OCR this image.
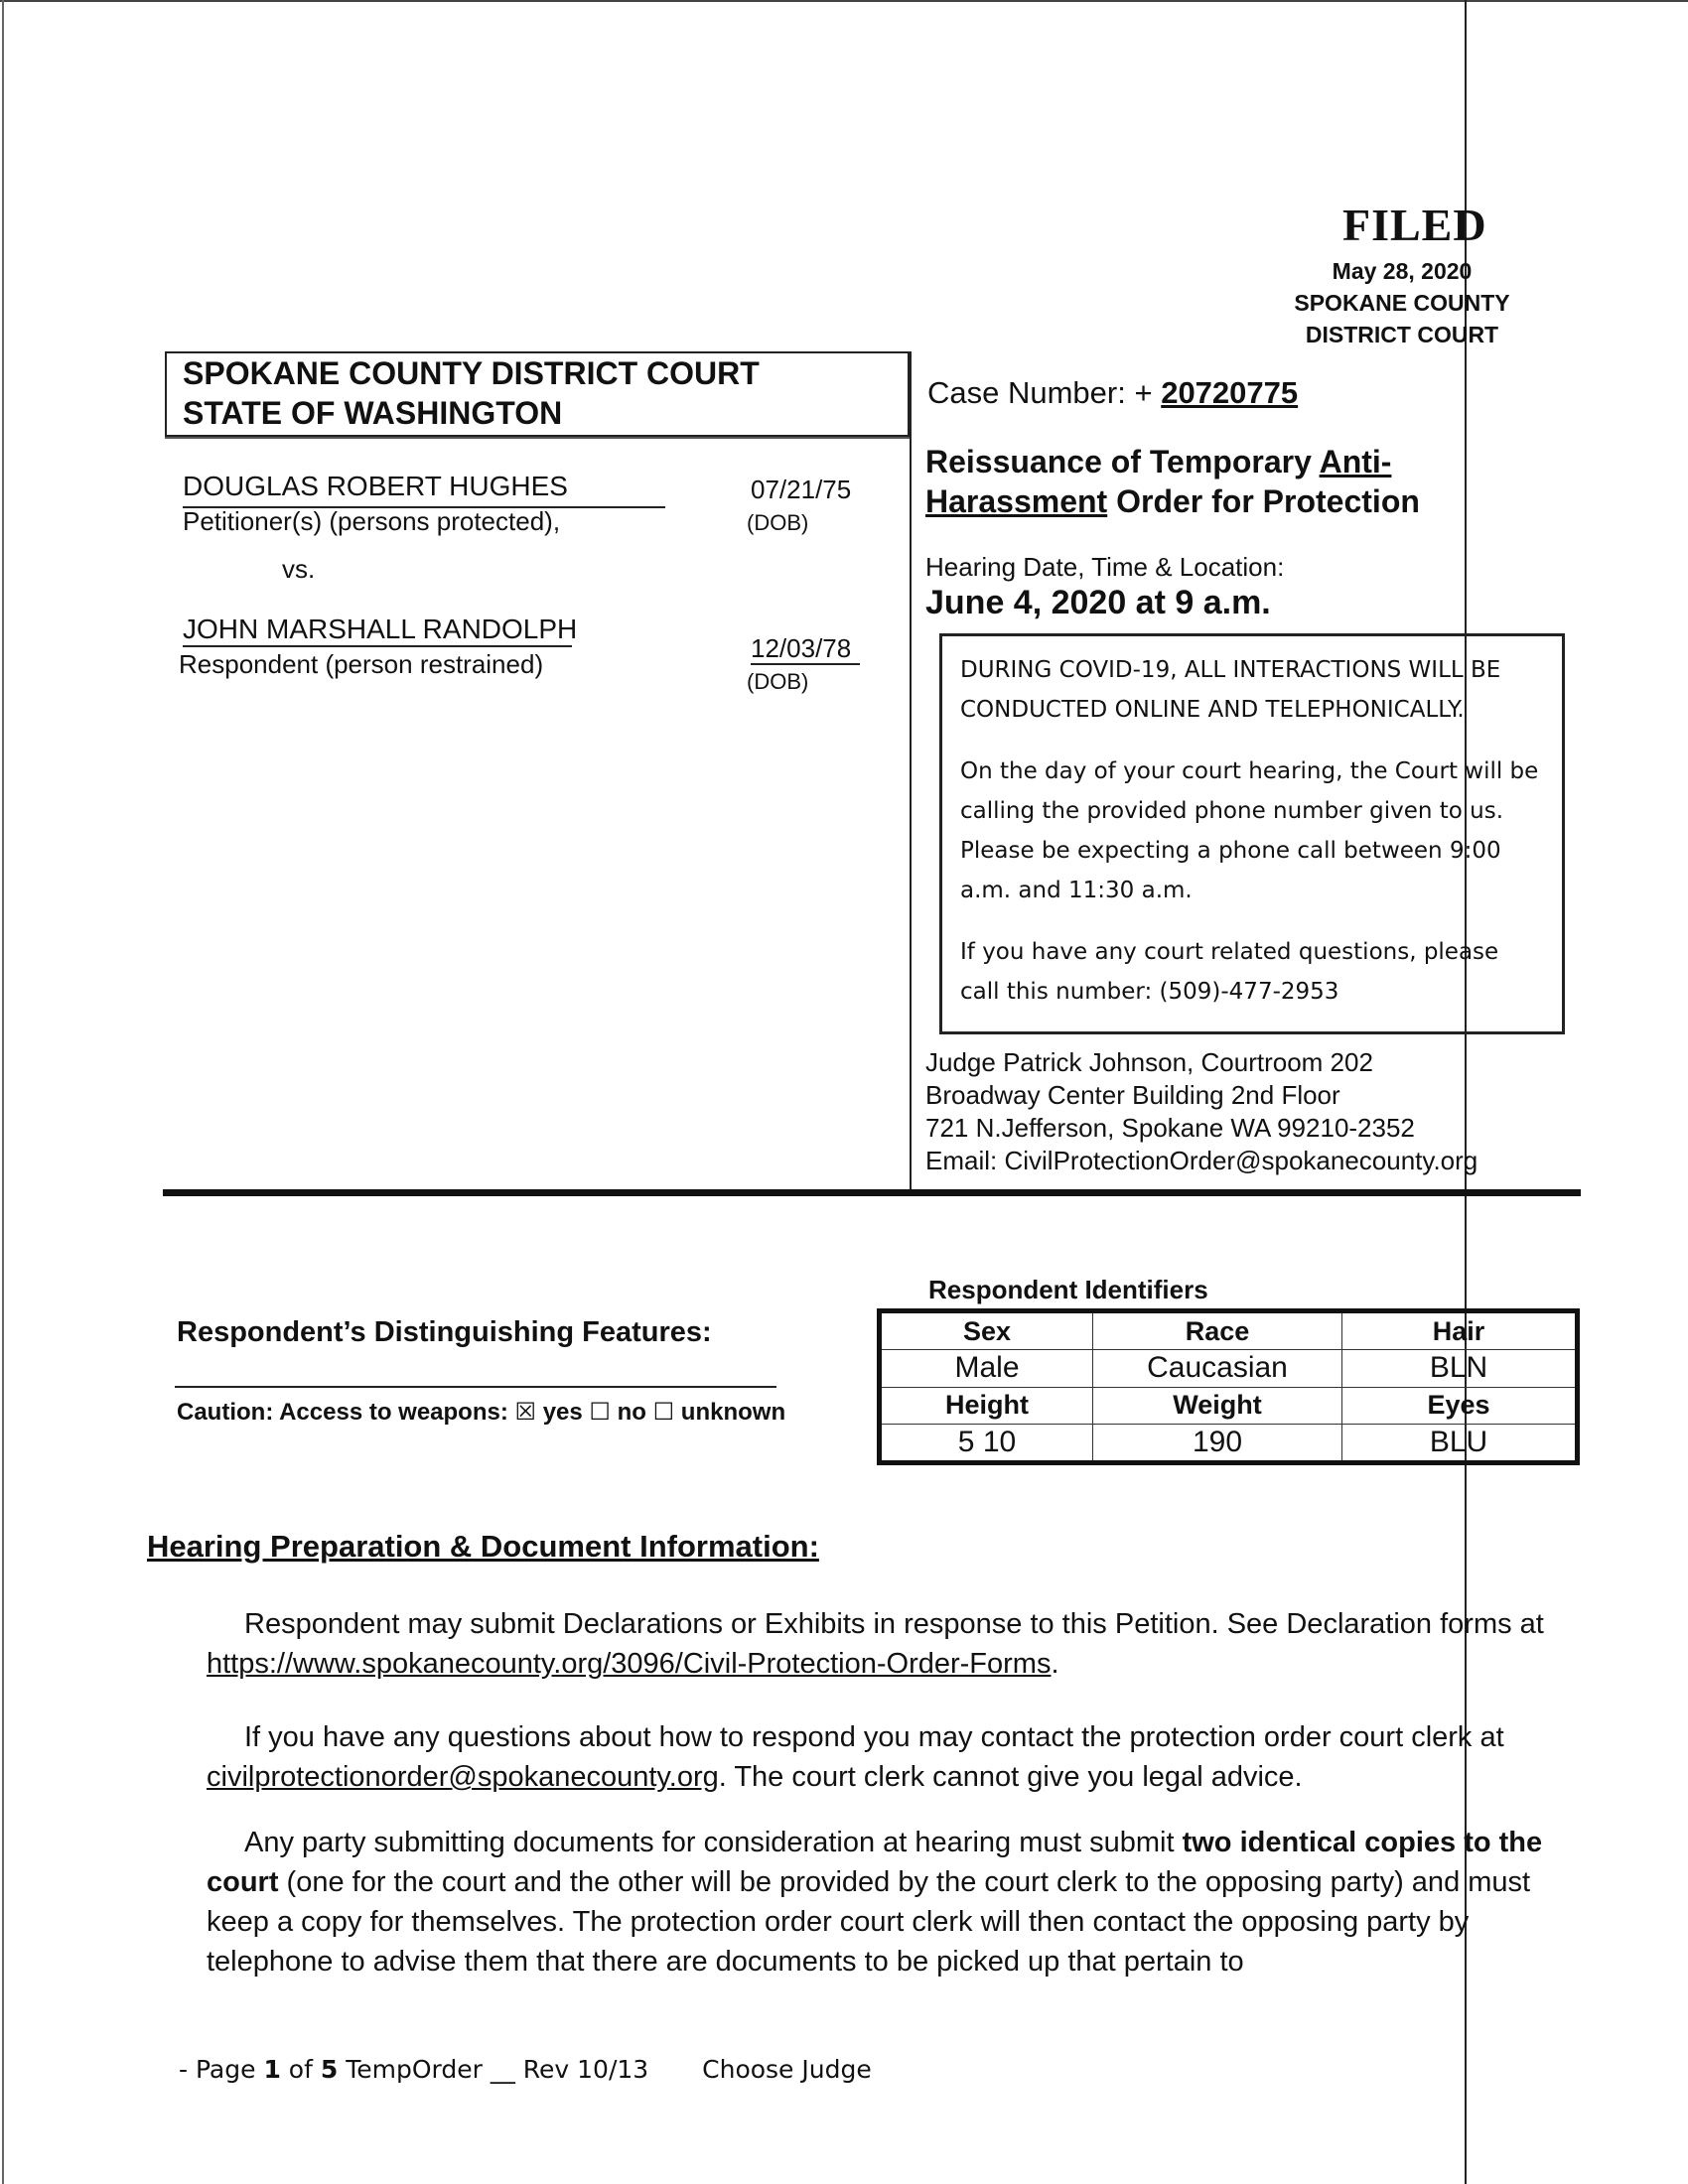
FILED
May 28, 2020
SPOKANE COUNTY
DISTRICT COURT
SPOKANE COUNTY DISTRICT COURT
STATE OF WASHINGTON
DOUGLAS ROBERT HUGHES
Petitioner(s) (persons protected),
07/21/75
(DOB)
vs.
JOHN MARSHALL RANDOLPH
Respondent (person restrained)
12/03/78
(DOB)
Case Number: + 20720775
Reissuance of Temporary Anti-Harassment Order for Protection
Hearing Date, Time & Location:
June 4, 2020 at 9 a.m.

DURING COVID-19, ALL INTERACTIONS WILL BE CONDUCTED ONLINE AND TELEPHONICALLY.

On the day of your court hearing, the Court will be calling the provided phone number given to us. Please be expecting a phone call between 9:00 a.m. and 11:30 a.m.

If you have any court related questions, please call this number: (509)-477-2953

Judge Patrick Johnson, Courtroom 202
Broadway Center Building 2nd Floor
721 N.Jefferson, Spokane WA 99210-2352
Email: CivilProtectionOrder@spokanecounty.org
Respondent’s Distinguishing Features:
Caution: Access to weapons: ☒ yes ☐ no ☐ unknown
Respondent Identifiers
Sex	Race	Hair
Male	Caucasian	BLN
Height	Weight	Eyes
5 10	190	BLU
Hearing Preparation & Document Information:
Respondent may submit Declarations or Exhibits in response to this Petition. See Declaration forms at https://www.spokanecounty.org/3096/Civil-Protection-Order-Forms.
If you have any questions about how to respond you may contact the protection order court clerk at civilprotectionorder@spokanecounty.org. The court clerk cannot give you legal advice.
Any party submitting documents for consideration at hearing must submit two identical copies to the court (one for the court and the other will be provided by the court clerk to the opposing party) and must keep a copy for themselves. The protection order court clerk will then contact the opposing party by telephone to advise them that there are documents to be picked up that pertain to
- Page 1 of 5 TempOrder __ Rev 10/13 Choose Judge
